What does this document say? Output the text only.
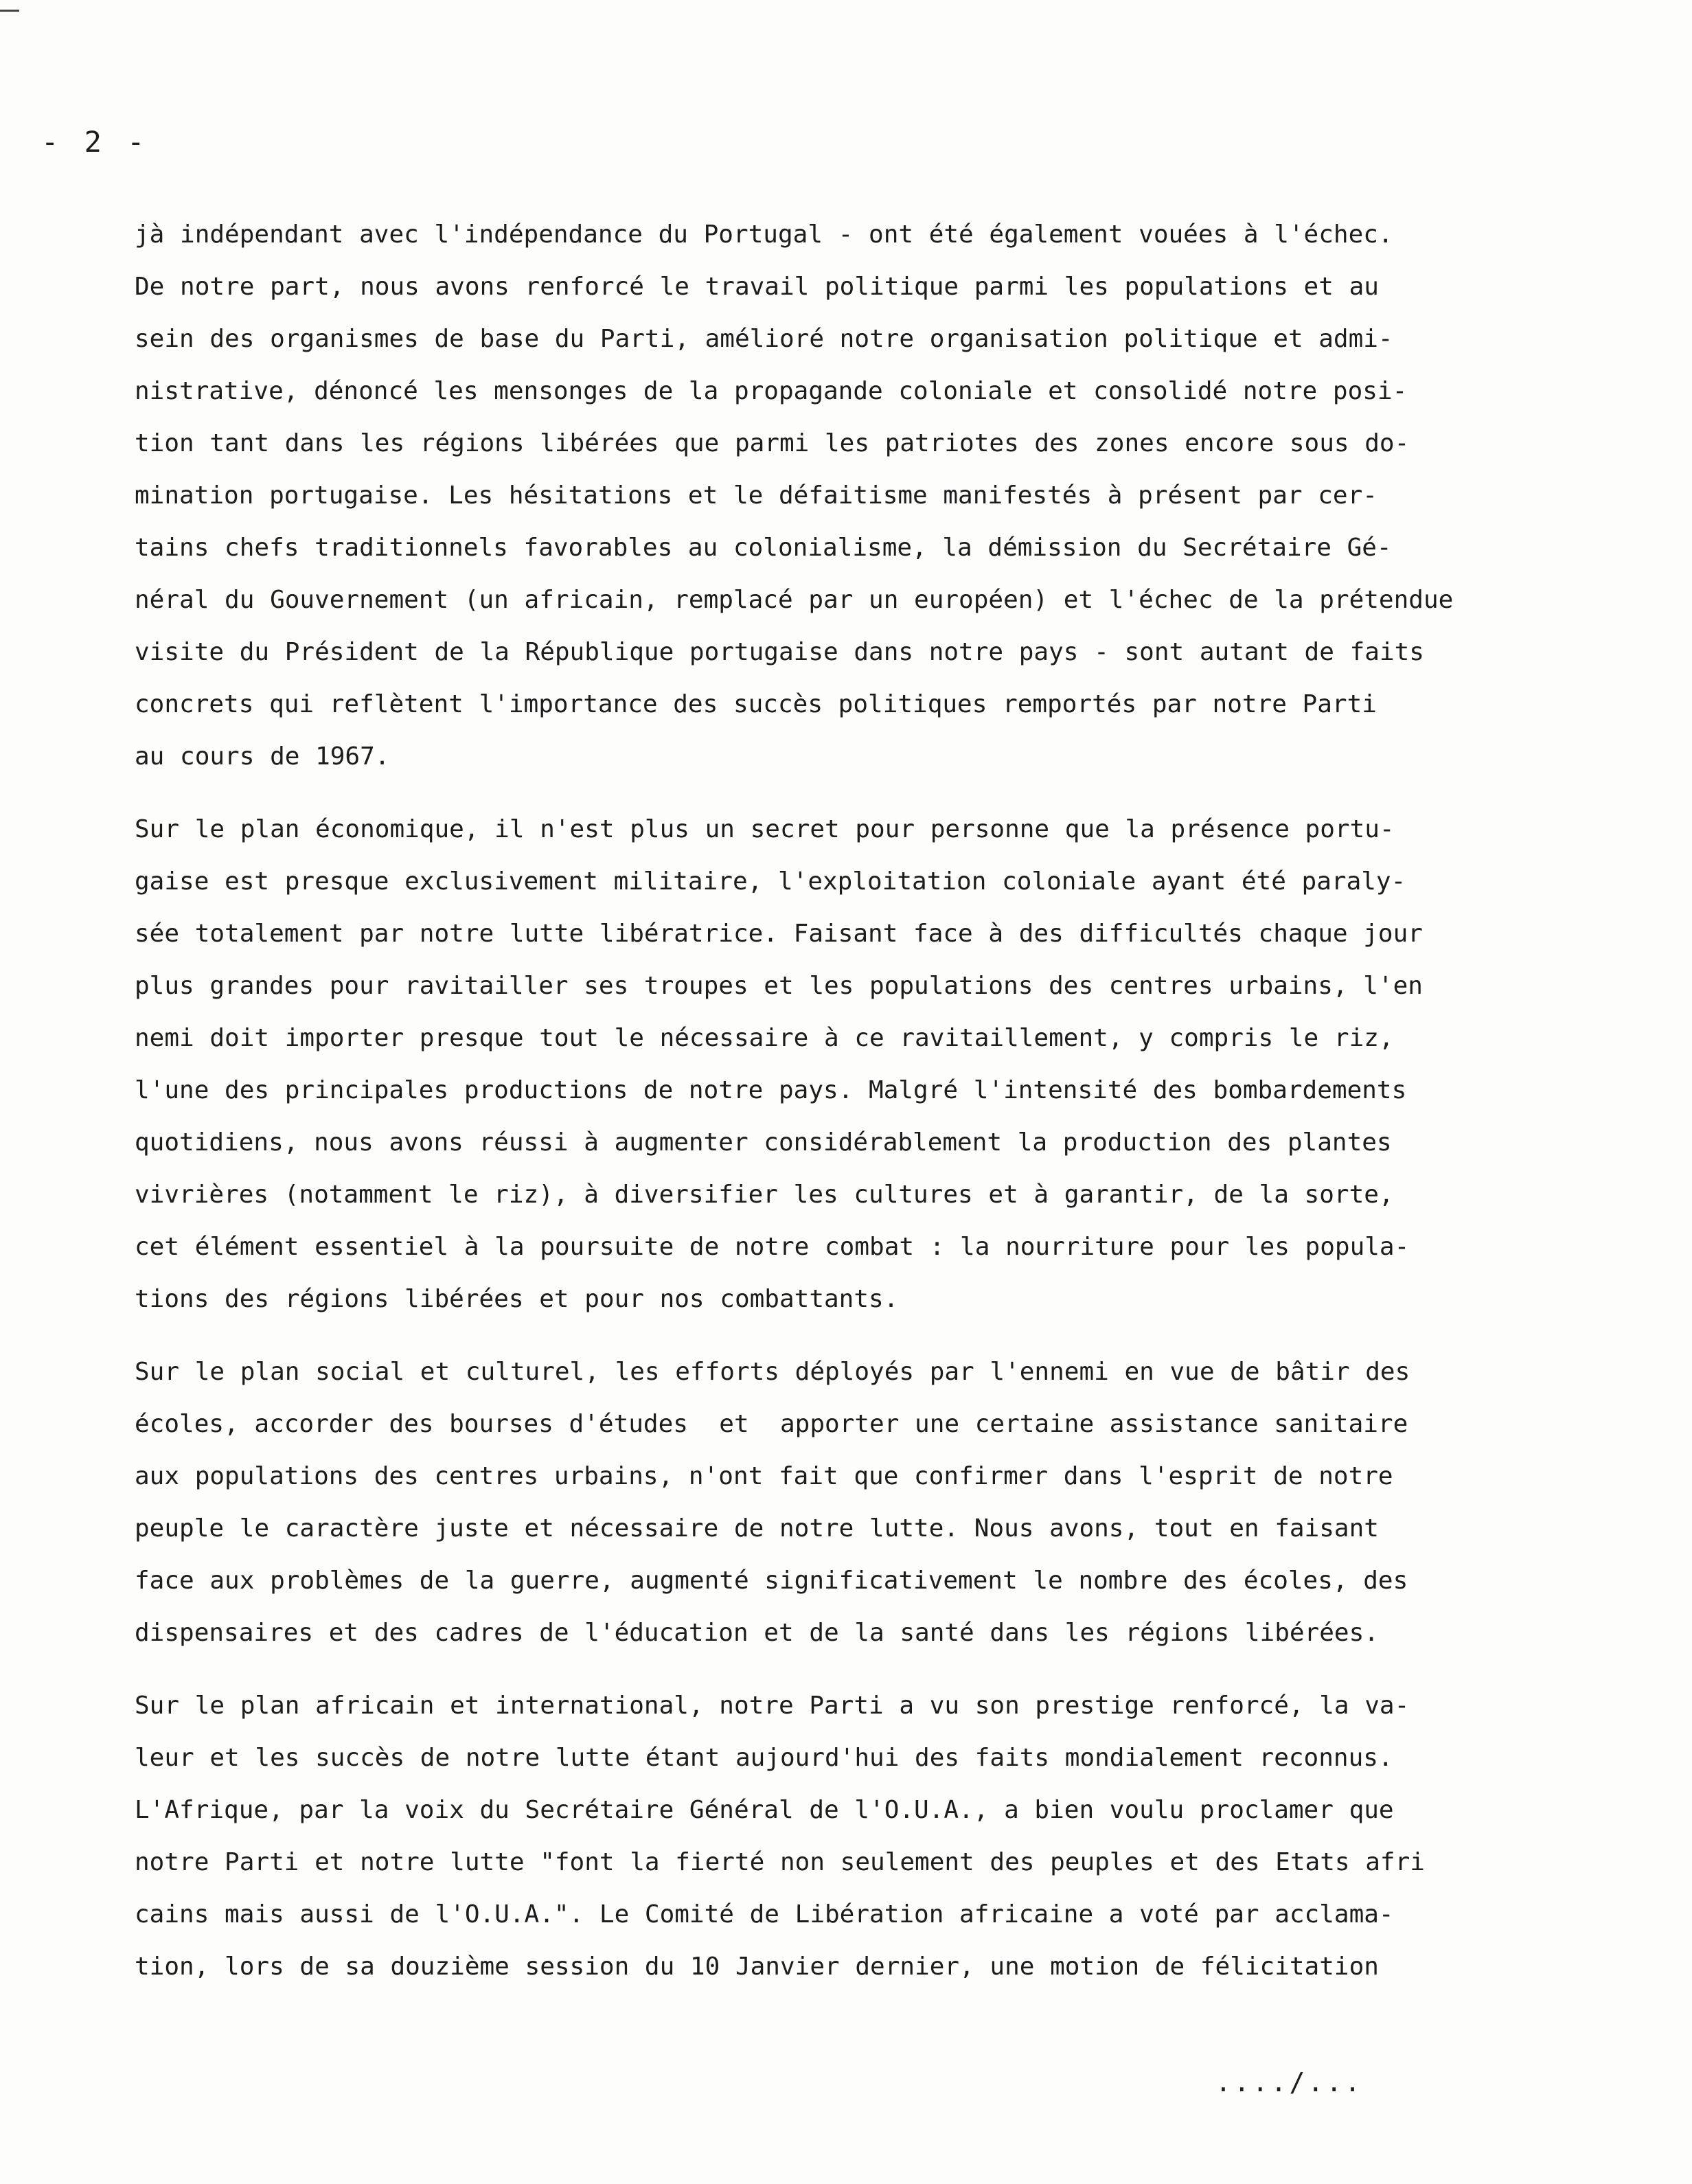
- 2 -
jà indépendant avec l'indépendance du Portugal - ont été également vouées à l'échec.
De notre part, nous avons renforcé le travail politique parmi les populations et au
sein des organismes de base du Parti, amélioré notre organisation politique et admi-
nistrative, dénoncé les mensonges de la propagande coloniale et consolidé notre posi-
tion tant dans les régions libérées que parmi les patriotes des zones encore sous do-
mination portugaise. Les hésitations et le défaitisme manifestés à présent par cer-
tains chefs traditionnels favorables au colonialisme, la démission du Secrétaire Gé-
néral du Gouvernement (un africain, remplacé par un européen) et l'échec de la prétendue
visite du Président de la République portugaise dans notre pays - sont autant de faits
concrets qui reflètent l'importance des succès politiques remportés par notre Parti
au cours de 1967.
Sur le plan économique, il n'est plus un secret pour personne que la présence portu-
gaise est presque exclusivement militaire, l'exploitation coloniale ayant été paraly-
sée totalement par notre lutte libératrice. Faisant face à des difficultés chaque jour
plus grandes pour ravitailler ses troupes et les populations des centres urbains, l'en
nemi doit importer presque tout le nécessaire à ce ravitaillement, y compris le riz,
l'une des principales productions de notre pays. Malgré l'intensité des bombardements
quotidiens, nous avons réussi à augmenter considérablement la production des plantes
vivrières (notamment le riz), à diversifier les cultures et à garantir, de la sorte,
cet élément essentiel à la poursuite de notre combat : la nourriture pour les popula-
tions des régions libérées et pour nos combattants.
Sur le plan social et culturel, les efforts déployés par l'ennemi en vue de bâtir des
écoles, accorder des bourses d'études  et  apporter une certaine assistance sanitaire
aux populations des centres urbains, n'ont fait que confirmer dans l'esprit de notre
peuple le caractère juste et nécessaire de notre lutte. Nous avons, tout en faisant
face aux problèmes de la guerre, augmenté significativement le nombre des écoles, des
dispensaires et des cadres de l'éducation et de la santé dans les régions libérées.
Sur le plan africain et international, notre Parti a vu son prestige renforcé, la va-
leur et les succès de notre lutte étant aujourd'hui des faits mondialement reconnus.
L'Afrique, par la voix du Secrétaire Général de l'O.U.A., a bien voulu proclamer que
notre Parti et notre lutte "font la fierté non seulement des peuples et des Etats afri
cains mais aussi de l'O.U.A.". Le Comité de Libération africaine a voté par acclama-
tion, lors de sa douzième session du 10 Janvier dernier, une motion de félicitation
..../...
